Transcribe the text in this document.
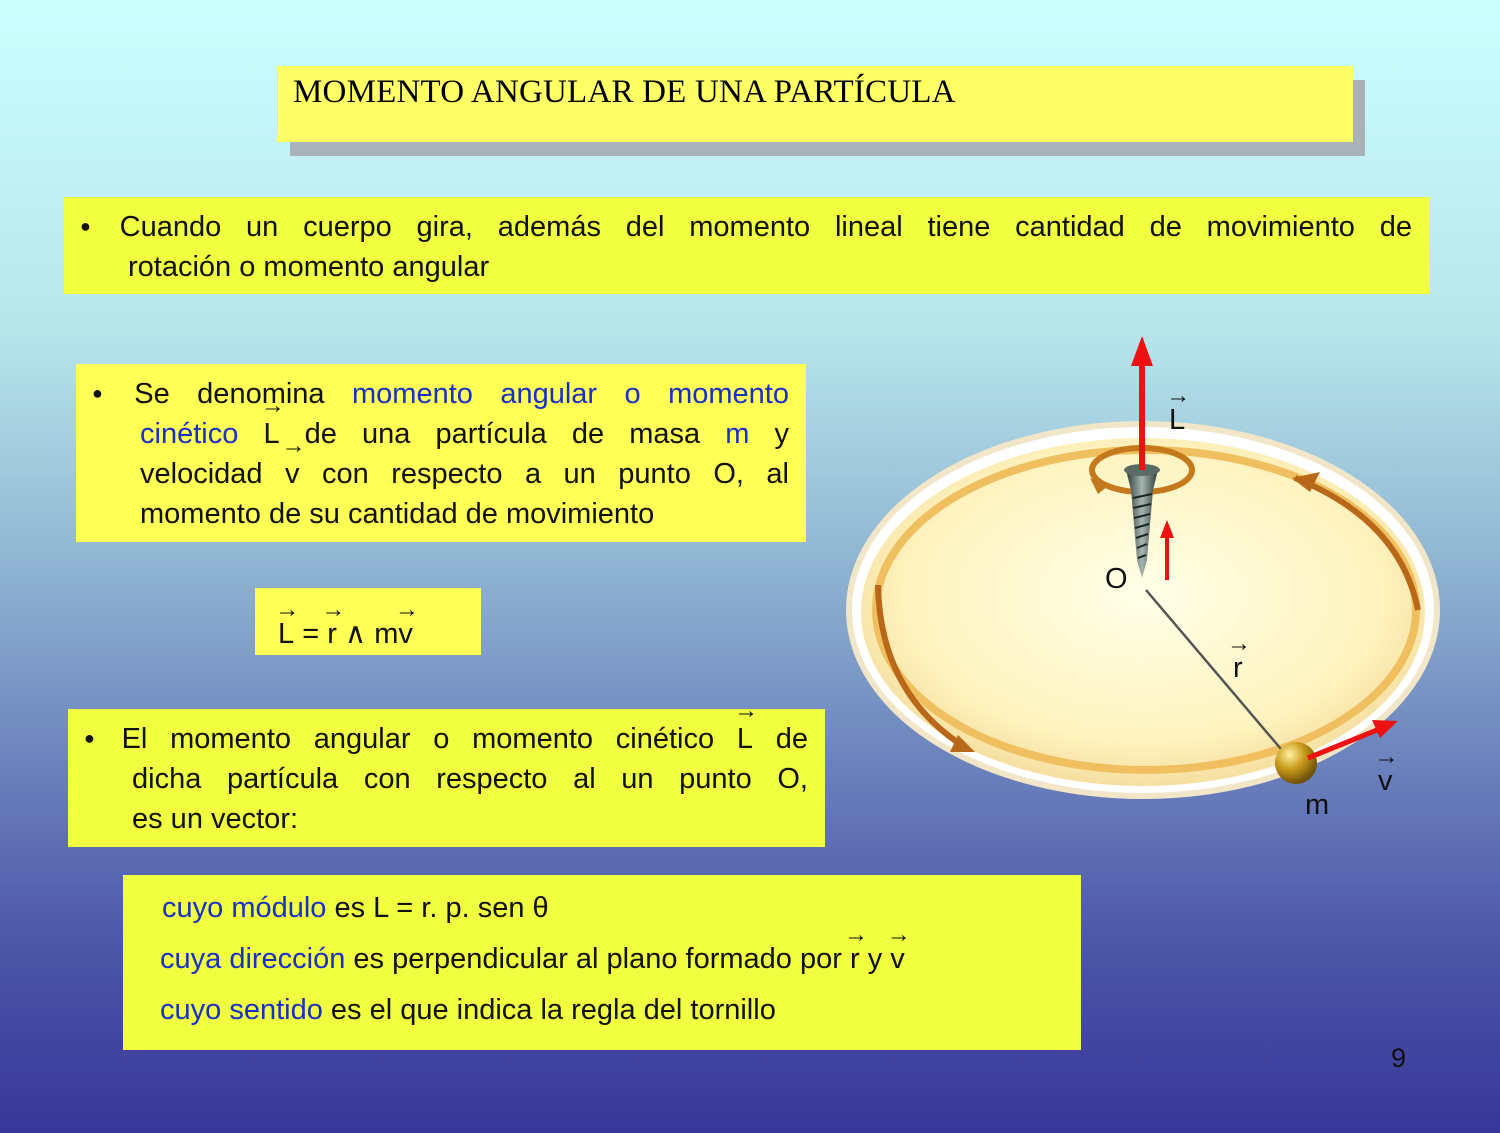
MOMENTO ANGULAR DE UNA PARTÍCULA
● Cuando un cuerpo gira, además del momento lineal tiene cantidad de movimiento de
rotación o momento angular
● Se denomina momento angular o momento
cinético → L de una partícula de masa m y
velocidad → v con respecto a un punto O, al
momento de su cantidad de movimiento
→ L = → r ∧ m→ v
● El momento angular o momento cinético → L de
dicha partícula con respecto al un punto O,
es un vector:
cuyo módulo es L = r. p. sen θ
cuya dirección es perpendicular al plano formado por → r y → v
cuyo sentido es el que indica la regla del tornillo
→ L
O
→ r
→ v
m
9
